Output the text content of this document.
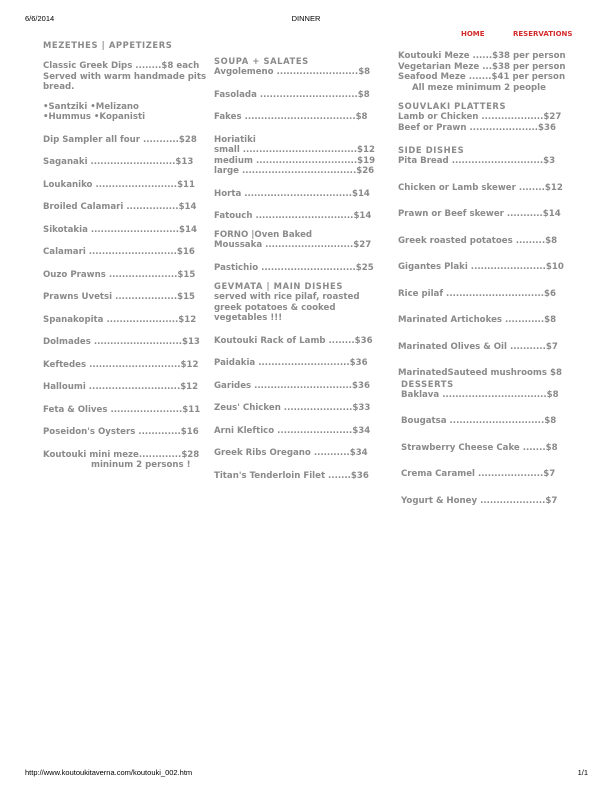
6/6/2014	DINNER
HOME	RESERVATIONS
MEZETHES | APPETIZERS
Classic Greek Dips ........$8 each
Served with warm handmade pits
bread.
•Santziki •Melizano
•Hummus •Kopanisti
Dip Sampler all four ...........$28
Saganaki ..........................$13
Loukaniko .........................$11
Broiled Calamari ................$14
Sikotakia ...........................$14
Calamari ...........................$16
Ouzo Prawns .....................$15
Prawns Uvetsi ...................$15
Spanakopita ......................$12
Dolmades ...........................$13
Keftedes ............................$12
Halloumi ............................$12
Feta & Olives ......................$11
Poseidon's Oysters .............$16
Koutouki mini meze.............$28
mininum 2 persons !
SOUPA + SALATES
Avgolemeno .........................$8
Fasolada ..............................$8
Fakes ..................................$8
Horiatiki
small ...................................$12
medium ...............................$19
large ...................................$26
Horta .................................$14
Fatouch ..............................$14
FORNO |Oven Baked
Moussaka ...........................$27
Pastichio .............................$25
GEVMATA | MAIN DISHES
served with rice pilaf, roasted
greek potatoes & cooked
vegetables !!!
Koutouki Rack of Lamb ........$36
Paidakia ............................$36
Garides ..............................$36
Zeus' Chicken .....................$33
Arni Kleftico .......................$34
Greek Ribs Oregano ...........$34
Titan's Tenderloin Filet .......$36
Koutouki Meze ......$38 per person
Vegetarian Meze ...$38 per person
Seafood Meze .......$41 per person
All meze minimum 2 people
SOUVLAKI PLATTERS
Lamb or Chicken ...................$27
Beef or Prawn .....................$36
SIDE DISHES
Pita Bread ............................$3
Chicken or Lamb skewer ........$12
Prawn or Beef skewer ...........$14
Greek roasted potatoes .........$8
Gigantes Plaki .......................$10
Rice pilaf ..............................$6
Marinated Artichokes ............$8
Marinated Olives & Oil ...........$7
MarinatedSauteed mushrooms $8
DESSERTS
Baklava ................................$8
Bougatsa .............................$8
Strawberry Cheese Cake .......$8
Crema Caramel ....................$7
Yogurt & Honey ....................$7
http://www.koutoukitaverna.com/koutouki_002.htm	1/1
